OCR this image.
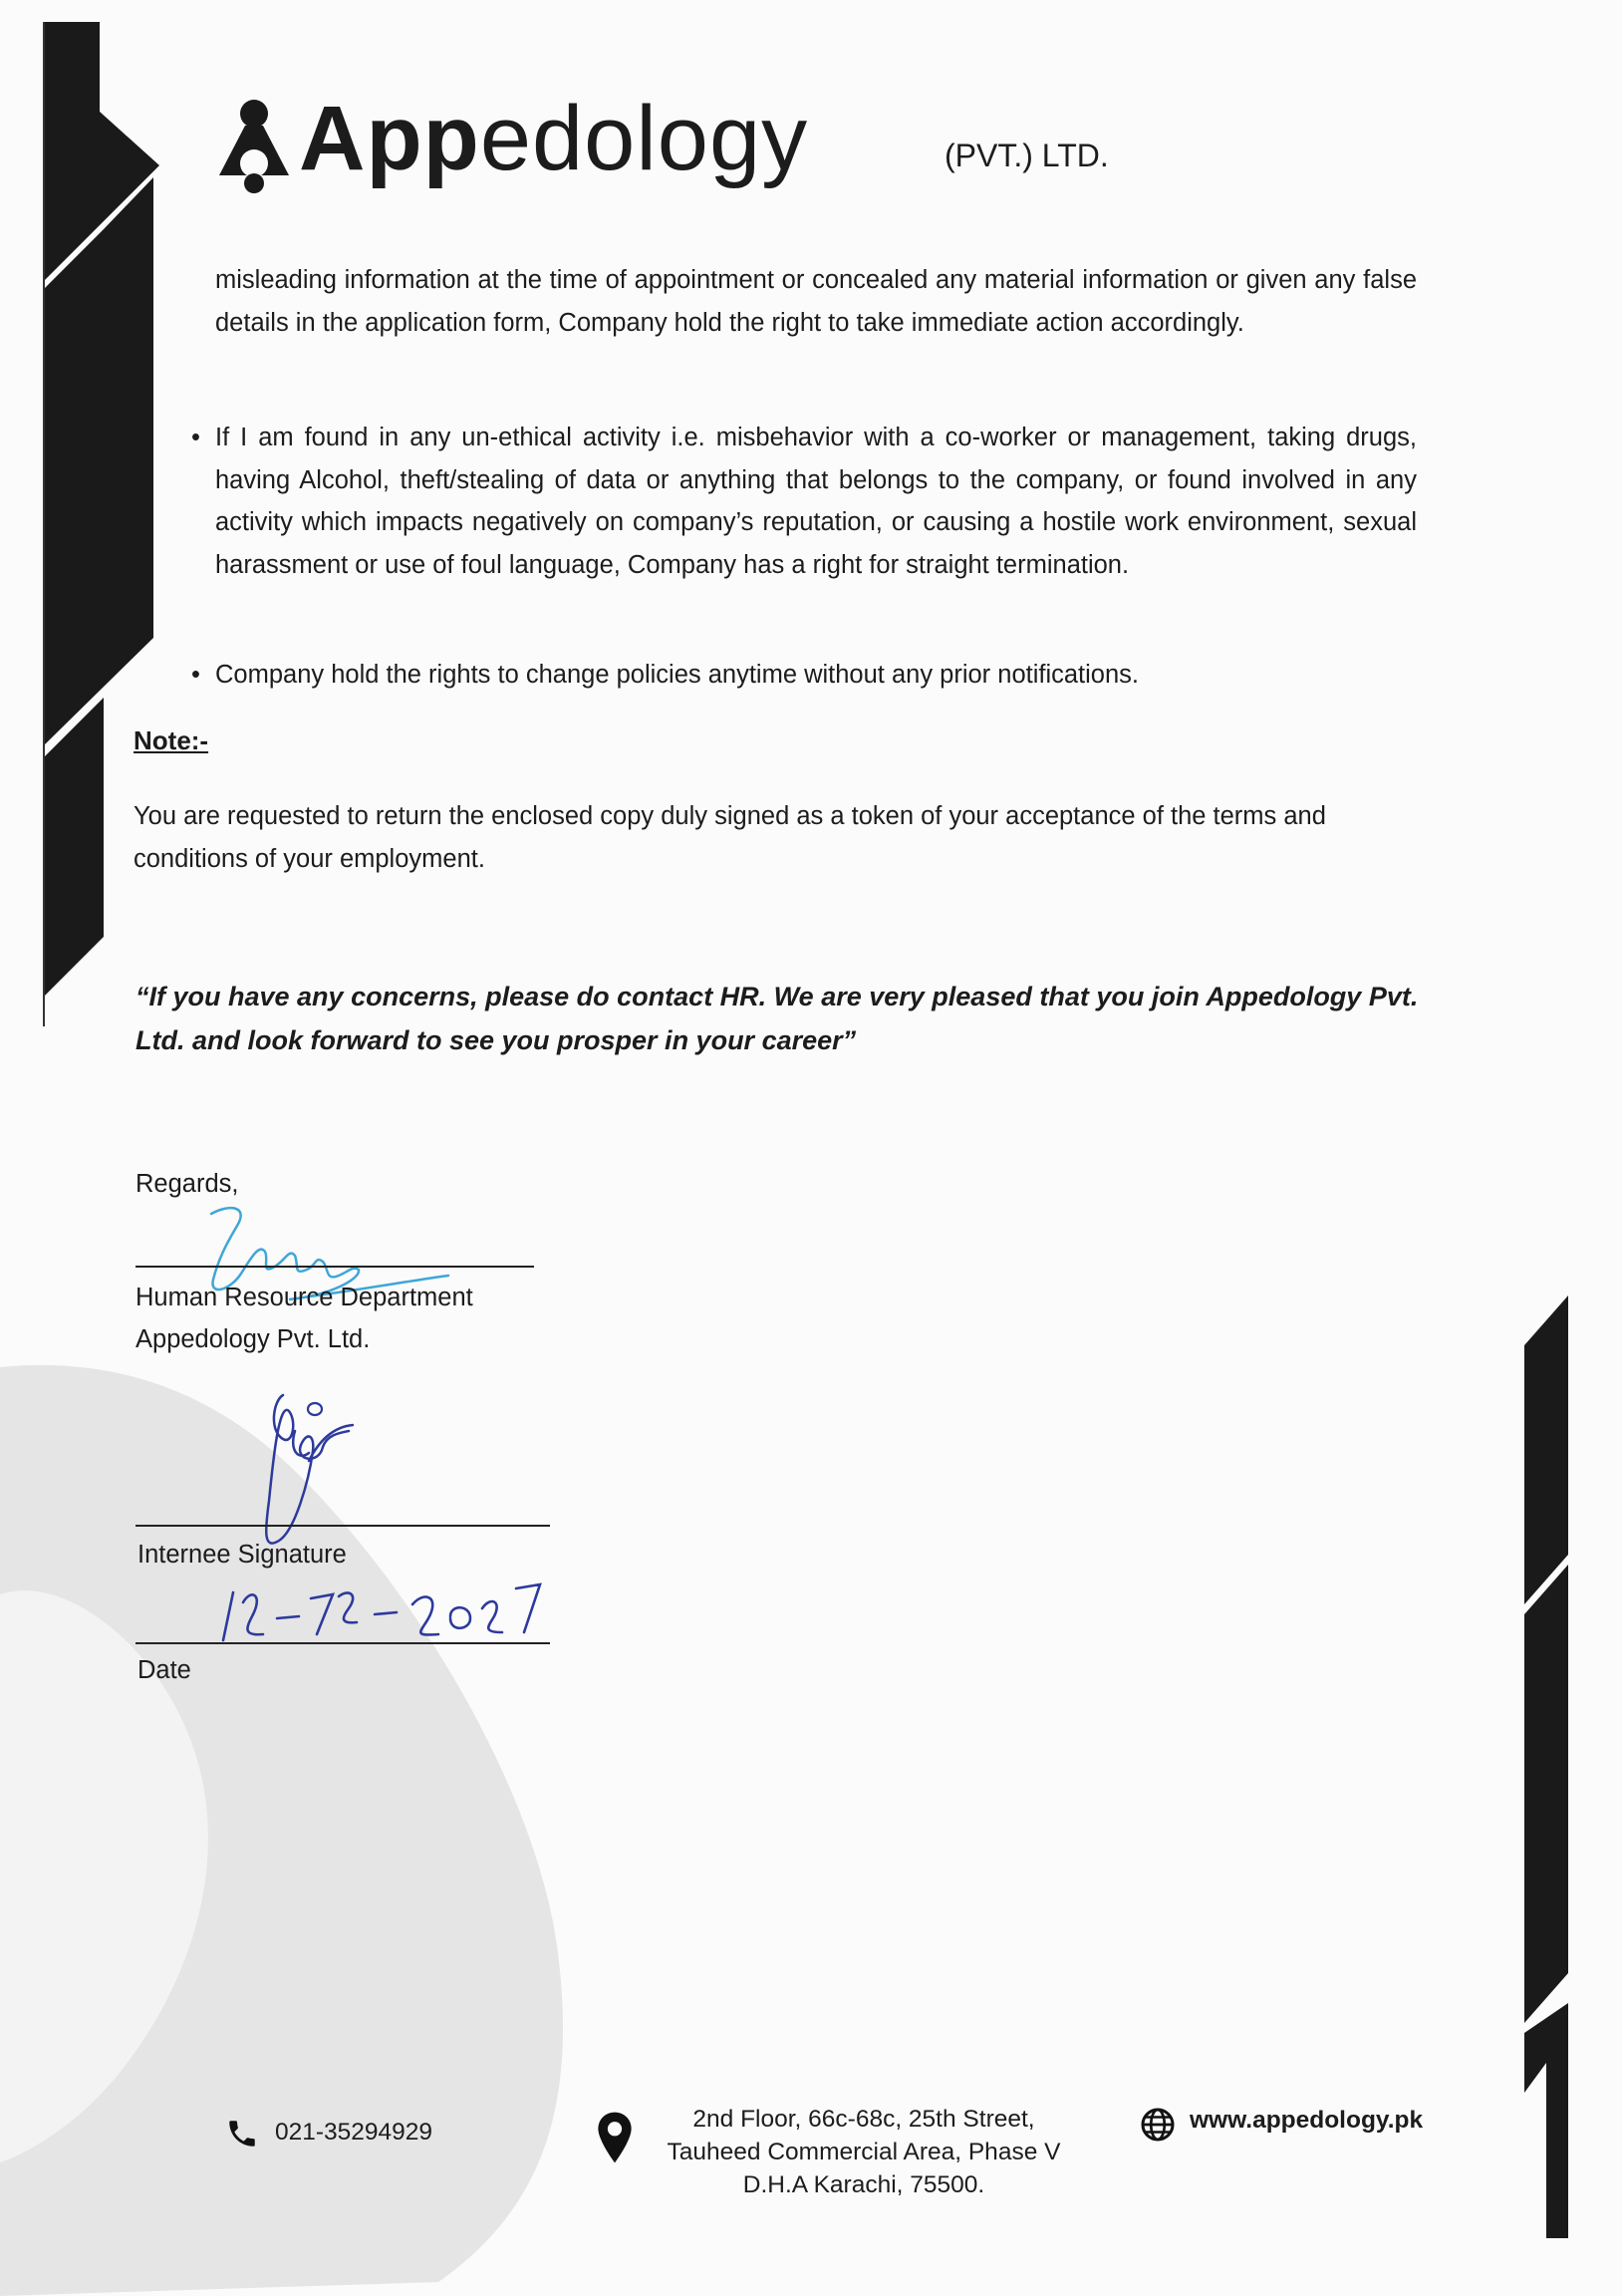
Appedology	(PVT.) LTD.
misleading information at the time of appointment or concealed any material information or given any false details in the application form, Company hold the right to take immediate action accordingly.
• If I am found in any un-ethical activity i.e. misbehavior with a co-worker or management, taking drugs, having Alcohol, theft/stealing of data or anything that belongs to the company, or found involved in any activity which impacts negatively on company’s reputation, or causing a hostile work environment, sexual harassment or use of foul language, Company has a right for straight termination.
• Company hold the rights to change policies anytime without any prior notifications.
Note:-
You are requested to return the enclosed copy duly signed as a token of your acceptance of the terms and conditions of your employment.
“If you have any concerns, please do contact HR. We are very pleased that you join Appedology Pvt. Ltd. and look forward to see you prosper in your career”
Regards,
Human Resource Department
Appedology Pvt. Ltd.
Internee Signature
Date
021-35294929	2nd Floor, 66c-68c, 25th Street,
Tauheed Commercial Area, Phase V
D.H.A Karachi, 75500.
www.appedology.pk
